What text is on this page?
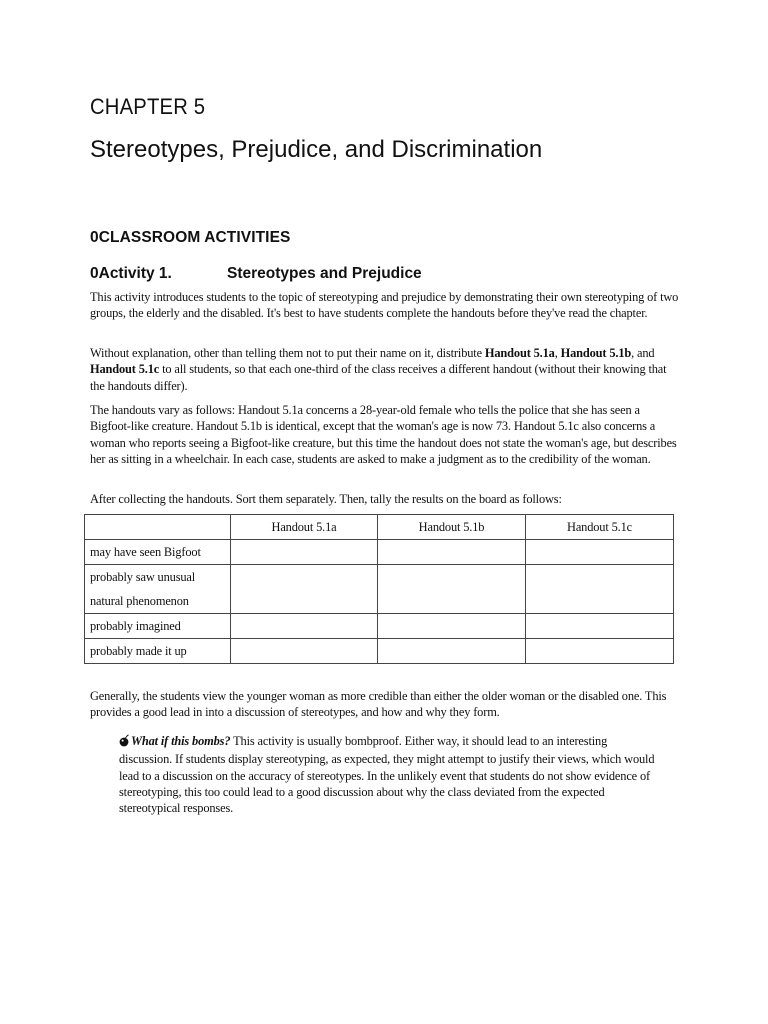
CHAPTER 5
Stereotypes, Prejudice, and Discrimination
0CLASSROOM ACTIVITIES
0Activity 1.	Stereotypes and Prejudice

This activity introduces students to the topic of stereotyping and prejudice by demonstrating their own stereotyping of two groups, the elderly and the disabled. It's best to have students complete the handouts before they've read the chapter.

Without explanation, other than telling them not to put their name on it, distribute Handout 5.1a, Handout 5.1b, and Handout 5.1c to all students, so that each one-third of the class receives a different handout (without their knowing that the handouts differ).

The handouts vary as follows: Handout 5.1a concerns a 28-year-old female who tells the police that she has seen a Bigfoot-like creature. Handout 5.1b is identical, except that the woman's age is now 73. Handout 5.1c also concerns a woman who reports seeing a Bigfoot-like creature, but this time the handout does not state the woman's age, but describes her as sitting in a wheelchair. In each case, students are asked to make a judgment as to the credibility of the woman.

After collecting the handouts. Sort them separately. Then, tally the results on the board as follows:

	Handout 5.1a	Handout 5.1b	Handout 5.1c
may have seen Bigfoot			

probably saw unusual
natural phenomenon			

probably imagined			
probably made it up			

Generally, the students view the younger woman as more credible than either the older woman or the disabled one. This provides a good lead in into a discussion of stereotypes, and how and why they form.

What if this bombs? This activity is usually bombproof. Either way, it should lead to an interesting discussion. If students display stereotyping, as expected, they might attempt to justify their views, which would lead to a discussion on the accuracy of stereotypes. In the unlikely event that students do not show evidence of stereotyping, this too could lead to a good discussion about why the class deviated from the expected stereotypical responses.
